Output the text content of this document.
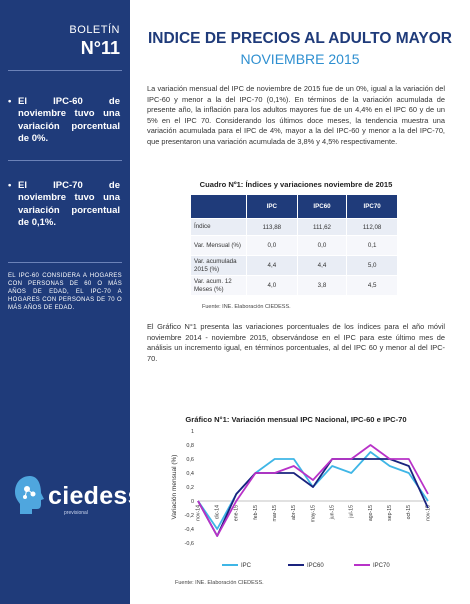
BOLETÍN
N°11
• El IPC-60 de noviembre tuvo una variación porcentual de 0%.
• El IPC-70 de noviembre tuvo una variación porcentual de 0,1%.
EL IPC-60 CONSIDERA A HOGARES CON PERSONAS DE 60 O MÁS AÑOS DE EDAD, EL IPC-70 A HOGARES CON PERSONAS DE 70 O MÁS AÑOS DE EDAD.
ciedess
previsional
INDICE DE PRECIOS AL ADULTO MAYOR
NOVIEMBRE 2015
La variación mensual del IPC de noviembre de 2015 fue de un 0%, igual a la variación del IPC-60 y menor a la del IPC-70 (0,1%). En términos de la variación acumulada de presente año, la inflación para los adultos mayores fue de un 4,4% en el IPC 60 y de un 5% en el IPC 70. Considerando los últimos doce meses, la tendencia muestra una variación acumulada para el IPC de 4%, mayor a la del IPC-60 y menor a la del IPC-70, que presentaron una variación acumulada de 3,8% y 4,5% respectivamente.
Cuadro Nº1: Índices y variaciones noviembre de 2015
	IPC	IPC60	IPC70
Índice	113,88	111,62	112,08
Var. Mensual (%)	0,0	0,0	0,1
Var. acumulada 2015 (%)	4,4	4,4	5,0
Var. acum. 12 Meses (%)	4,0	3,8	4,5
Fuente: INE. Elaboración CIEDESS.
El Gráfico N°1 presenta las variaciones porcentuales de los índices para el año móvil noviembre 2014 - noviembre 2015, observándose en el IPC para este último mes de análisis un incremento igual, en términos porcentuales, al del IPC 60 y menor al del IPC-70.
Gráfico N°1: Variación mensual IPC Nacional, IPC-60 e IPC-70
Variación mensual (%)
-0,6
-0,4
-0,2
0
0,2
0,4
0,6
0,8
1
nov-14	dic-14	ene-15	feb-15	mar-15	abr-15	may-15	jun-15	jul-15	ago-15	sep-15	oct-15	nov-15
IPC	IPC60	IPC70
Fuente: INE. Elaboración CIEDESS.
